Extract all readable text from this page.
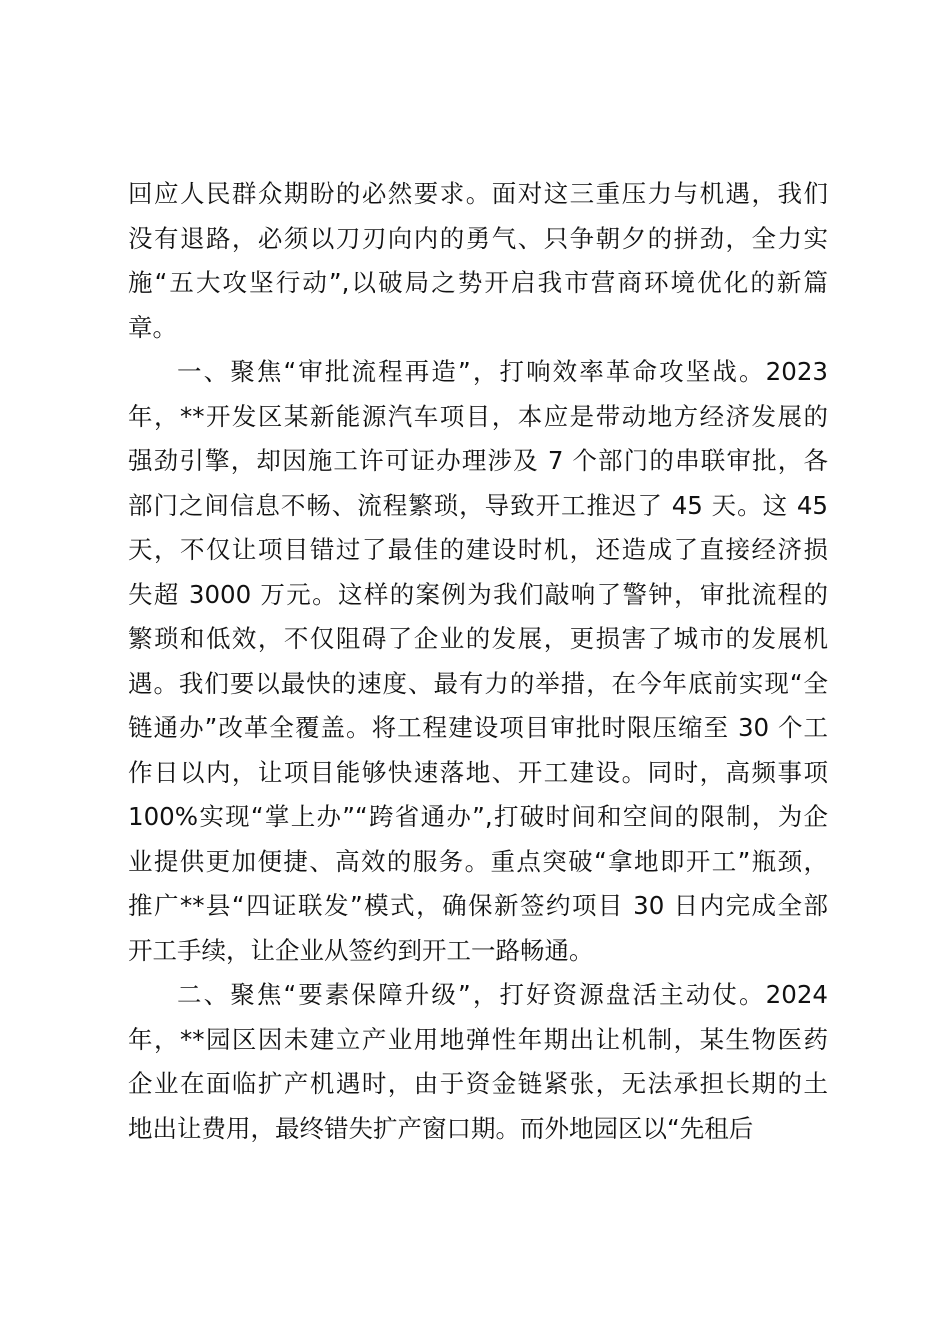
回应人民群众期盼的必然要求。面对这三重压力与机遇，我们
没有退路，必须以刀刃向内的勇气、只争朝夕的拼劲，全力实
施“五大攻坚行动”,以破局之势开启我市营商环境优化的新篇
章。
一、聚焦“审批流程再造”，打响效率革命攻坚战。2023
年，**开发区某新能源汽车项目，本应是带动地方经济发展的
强劲引擎，却因施工许可证办理涉及 7 个部门的串联审批，各
部门之间信息不畅、流程繁琐，导致开工推迟了 45 天。这 45
天，不仅让项目错过了最佳的建设时机，还造成了直接经济损
失超 3000 万元。这样的案例为我们敲响了警钟，审批流程的
繁琐和低效，不仅阻碍了企业的发展，更损害了城市的发展机
遇。我们要以最快的速度、最有力的举措，在今年底前实现“全
链通办”改革全覆盖。将工程建设项目审批时限压缩至 30 个工
作日以内，让项目能够快速落地、开工建设。同时，高频事项
100%实现“掌上办”“跨省通办”,打破时间和空间的限制，为企
业提供更加便捷、高效的服务。重点突破“拿地即开工”瓶颈，
推广**县“四证联发”模式，确保新签约项目 30 日内完成全部
开工手续，让企业从签约到开工一路畅通。
二、聚焦“要素保障升级”，打好资源盘活主动仗。2024
年，**园区因未建立产业用地弹性年期出让机制，某生物医药
企业在面临扩产机遇时，由于资金链紧张，无法承担长期的土
地出让费用，最终错失扩产窗口期。而外地园区以“先租后
